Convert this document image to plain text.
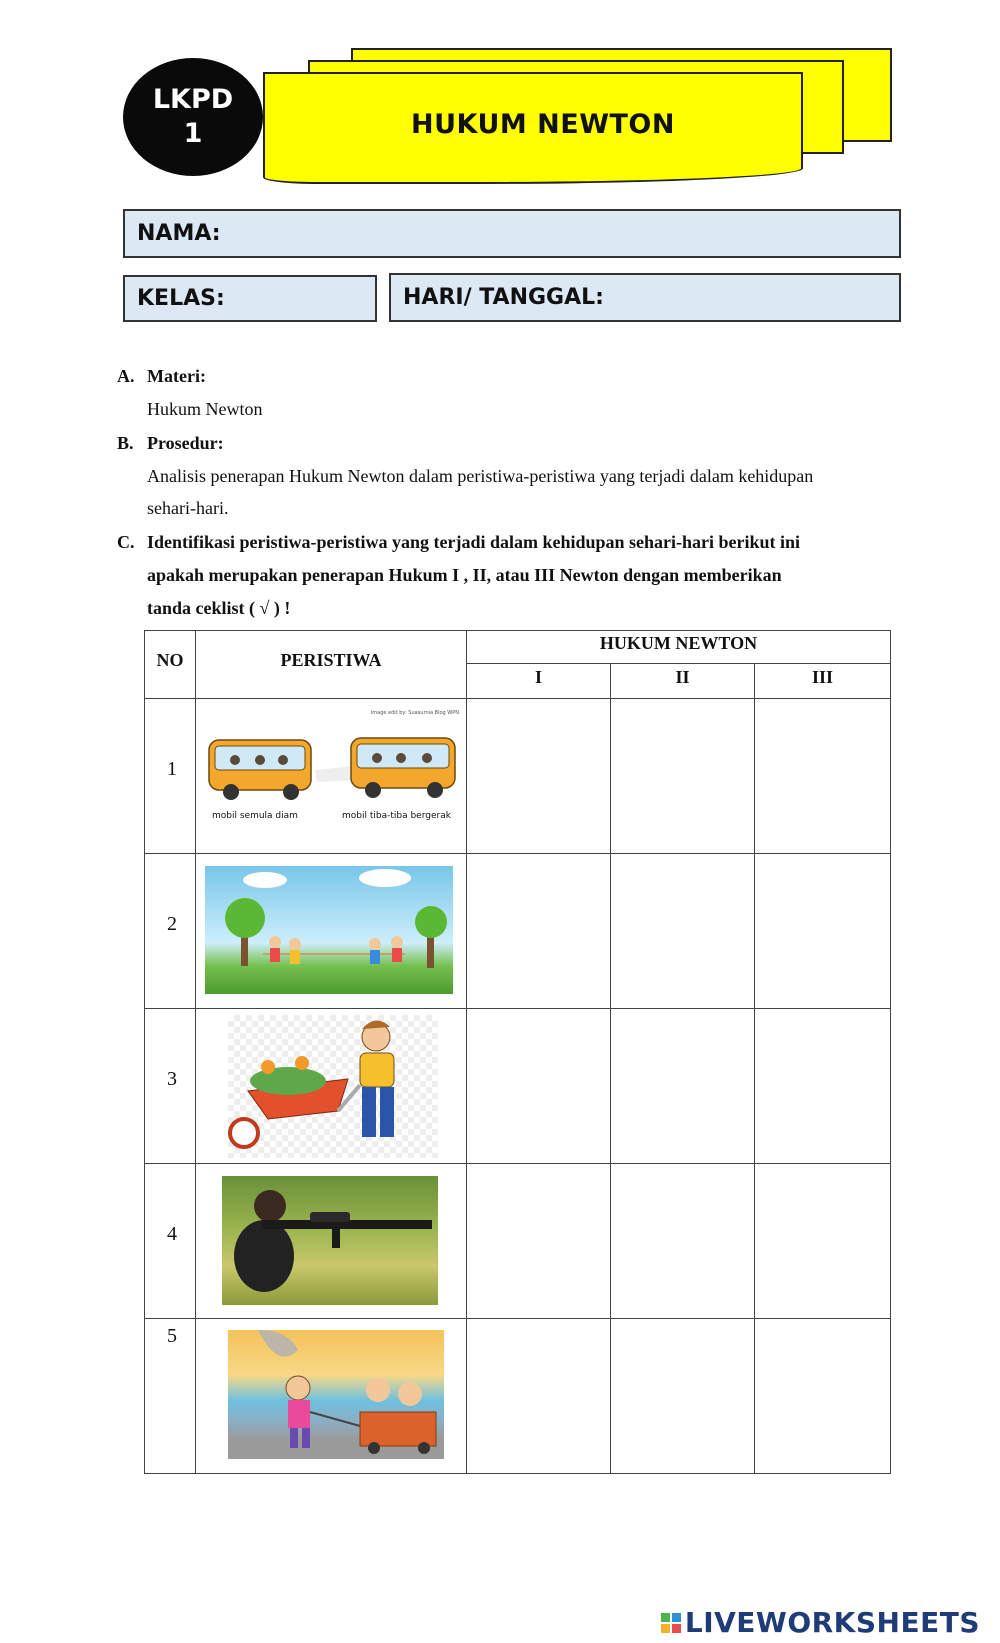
HUKUM NEWTON
LKPD
1
NAMA:
KELAS:	HARI/ TANGGAL:
A. Materi:
Hukum Newton
B. Prosedur:
Analisis penerapan Hukum Newton dalam peristiwa-peristiwa yang terjadi dalam kehidupan
sehari-hari.
C. Identifikasi peristiwa-peristiwa yang terjadi dalam kehidupan sehari-hari berikut ini
apakah merupakan penerapan Hukum I , II, atau III Newton dengan memberikan
tanda ceklist ( √ ) !
NO	PERISTIWA
HUKUM NEWTON
I	II	III
1
2
3
4
5
Image edit by: Suasurnia Blog WPN
mobil semula diam	mobil tiba-tiba bergerak
LIVEWORKSHEETS
